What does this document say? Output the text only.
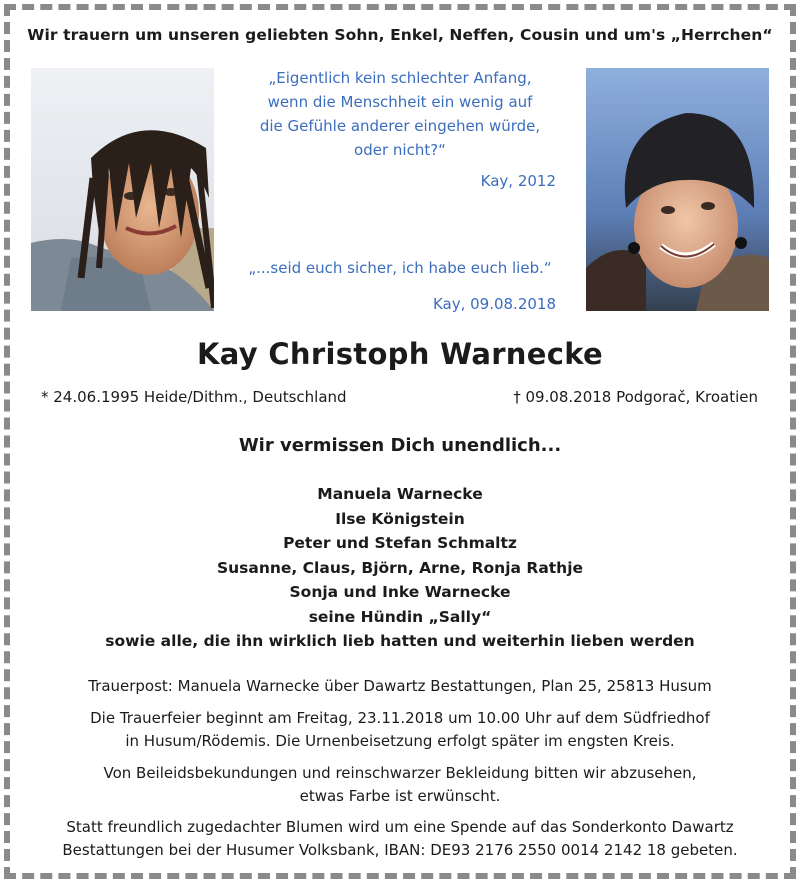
Wir trauern um unseren geliebten Sohn, Enkel, Neffen, Cousin und um's „Herrchen“
„Eigentlich kein schlechter Anfang,
wenn die Menschheit ein wenig auf
die Gefühle anderer eingehen würde,
oder nicht?“
Kay, 2012
„...seid euch sicher, ich habe euch lieb.“
Kay, 09.08.2018
Kay Christoph Warnecke
* 24.06.1995 Heide/Dithm., Deutschland	† 09.08.2018 Podgorač, Kroatien
Wir vermissen Dich unendlich...
Manuela Warnecke
Ilse Königstein
Peter und Stefan Schmaltz
Susanne, Claus, Björn, Arne, Ronja Rathje
Sonja und Inke Warnecke
seine Hündin „Sally“
sowie alle, die ihn wirklich lieb hatten und weiterhin lieben werden
Trauerpost: Manuela Warnecke über Dawartz Bestattungen, Plan 25, 25813 Husum
Die Trauerfeier beginnt am Freitag, 23.11.2018 um 10.00 Uhr auf dem Südfriedhof
in Husum/Rödemis. Die Urnenbeisetzung erfolgt später im engsten Kreis.
Von Beileidsbekundungen und reinschwarzer Bekleidung bitten wir abzusehen,
etwas Farbe ist erwünscht.
Statt freundlich zugedachter Blumen wird um eine Spende auf das Sonderkonto Dawartz
Bestattungen bei der Husumer Volksbank, IBAN: DE93 2176 2550 0014 2142 18 gebeten.
